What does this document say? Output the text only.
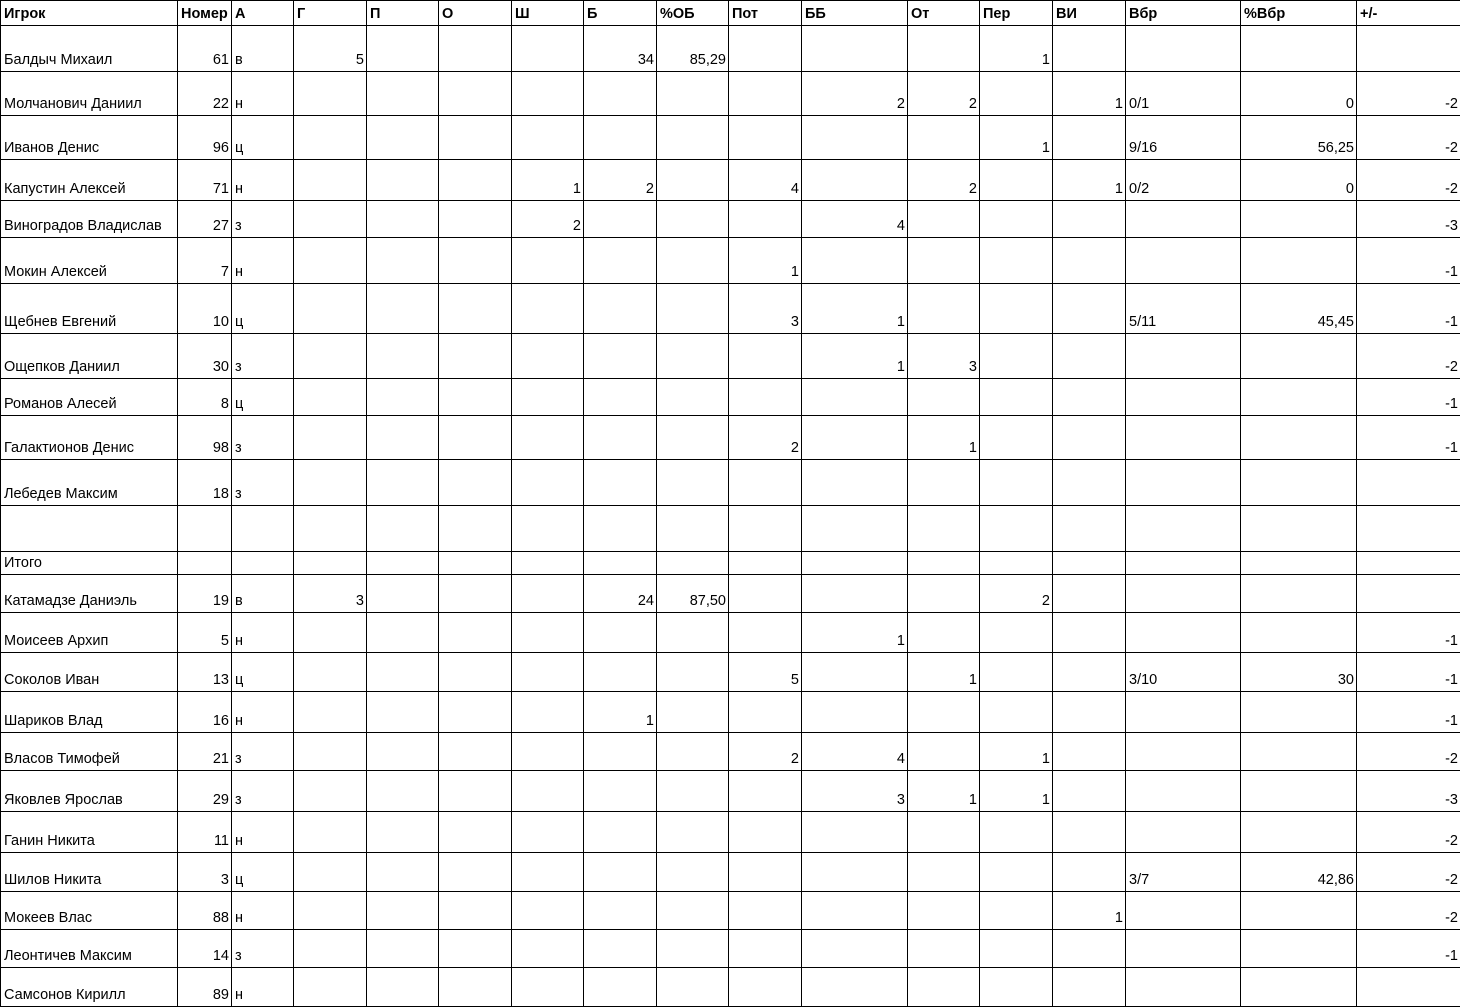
Игрок	Номер	А	Г	П	О	Ш	Б	%ОБ	Пот	ББ	От	Пер	ВИ	Вбр	%Вбр	+/-
Балдыч Михаил	61	в	5				34	85,29				1				
Молчанович Даниил	22	н								2	2		1	0/1	0	-2
Иванов Денис	96	ц										1		9/16	56,25	-2
Капустин Алексей	71	н				1	2		4		2		1	0/2	0	-2
Виноградов Владислав	27	з				2				4						-3
Мокин Алексей	7	н							1							-1
Щебнев Евгений	10	ц							3	1				5/11	45,45	-1
Ощепков Даниил	30	з								1	3					-2
Романов Алесей	8	ц														-1
Галактионов Денис	98	з							2		1					-1
Лебедев Максим	18	з														

Итого																
Катамадзе Даниэль	19	в	3				24	87,50				2				
Моисеев Архип	5	н								1						-1
Соколов Иван	13	ц							5		1			3/10	30	-1
Шариков Влад	16	н					1									-1
Власов Тимофей	21	з							2	4		1				-2
Яковлев Ярослав	29	з								3	1	1				-3
Ганин Никита	11	н														-2
Шилов Никита	3	ц												3/7	42,86	-2
Мокеев Влас	88	н											1			-2
Леонтичев Максим	14	з														-1
Самсонов Кирилл	89	н														
